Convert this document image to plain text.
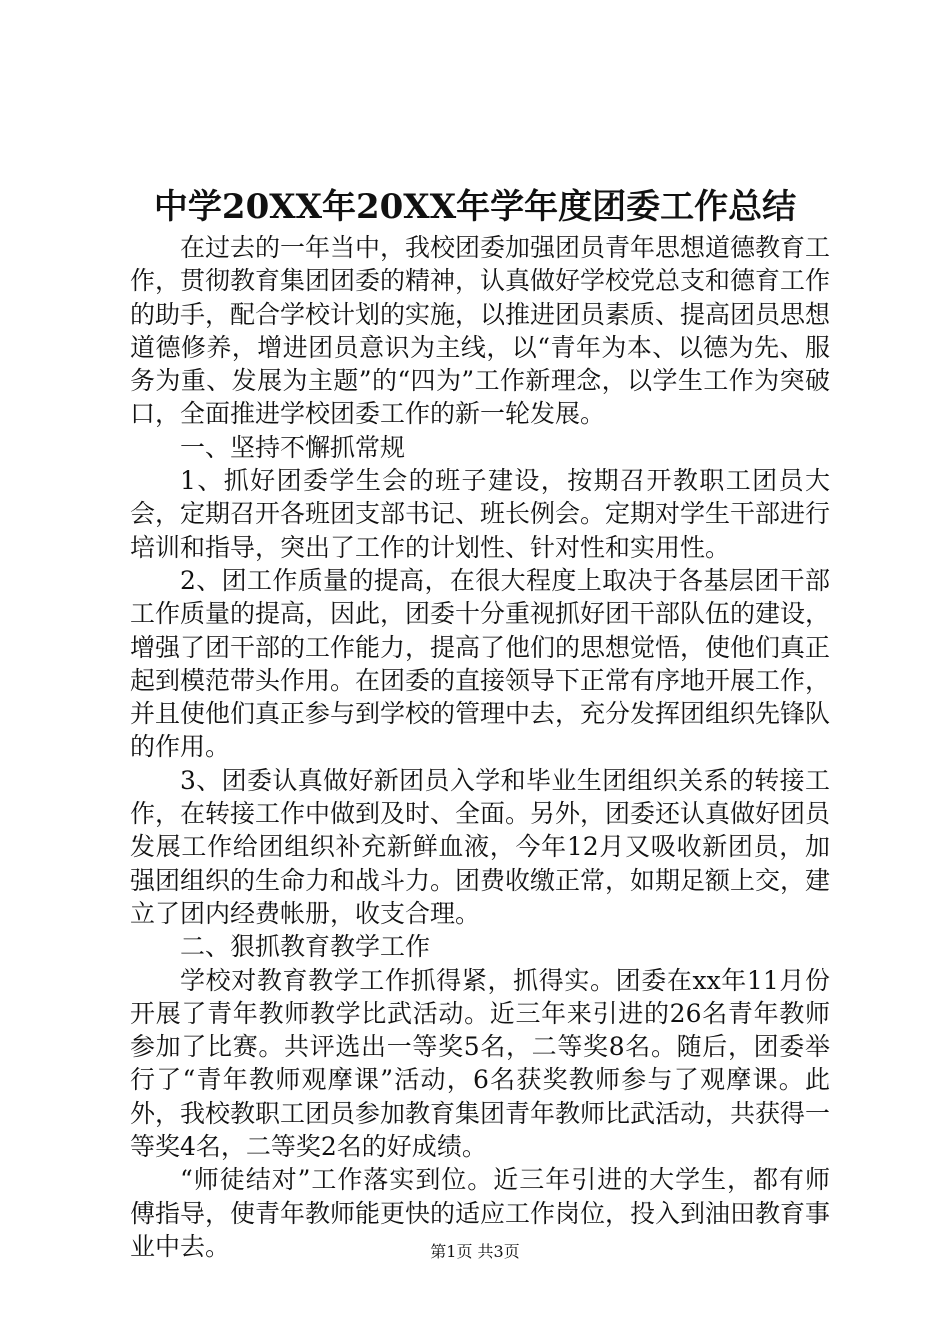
中学20XX年20XX年学年度团委工作总结

在过去的一年当中，我校团委加强团员青年思想道德教育工作，贯彻教育集团团委的精神，认真做好学校党总支和德育工作的助手，配合学校计划的实施，以推进团员素质、提高团员思想道德修养，增进团员意识为主线，以“青年为本、以德为先、服务为重、发展为主题”的“四为”工作新理念，以学生工作为突破口，全面推进学校团委工作的新一轮发展。

一、坚持不懈抓常规

1、抓好团委学生会的班子建设，按期召开教职工团员大会，定期召开各班团支部书记、班长例会。定期对学生干部进行培训和指导，突出了工作的计划性、针对性和实用性。

2、团工作质量的提高，在很大程度上取决于各基层团干部工作质量的提高，因此，团委十分重视抓好团干部队伍的建设，增强了团干部的工作能力，提高了他们的思想觉悟，使他们真正起到模范带头作用。在团委的直接领导下正常有序地开展工作，并且使他们真正参与到学校的管理中去，充分发挥团组织先锋队的作用。

3、团委认真做好新团员入学和毕业生团组织关系的转接工作，在转接工作中做到及时、全面。另外，团委还认真做好团员发展工作给团组织补充新鲜血液，今年12月又吸收新团员，加强团组织的生命力和战斗力。团费收缴正常，如期足额上交，建立了团内经费帐册，收支合理。

二、狠抓教育教学工作

学校对教育教学工作抓得紧，抓得实。团委在xx年11月份开展了青年教师教学比武活动。近三年来引进的26名青年教师参加了比赛。共评选出一等奖5名，二等奖8名。随后，团委举行了“青年教师观摩课”活动，6名获奖教师参与了观摩课。此外，我校教职工团员参加教育集团青年教师比武活动，共获得一等奖4名，二等奖2名的好成绩。

“师徒结对”工作落实到位。近三年引进的大学生，都有师傅指导，使青年教师能更快的适应工作岗位，投入到油田教育事业中去。	第1页 共3页
